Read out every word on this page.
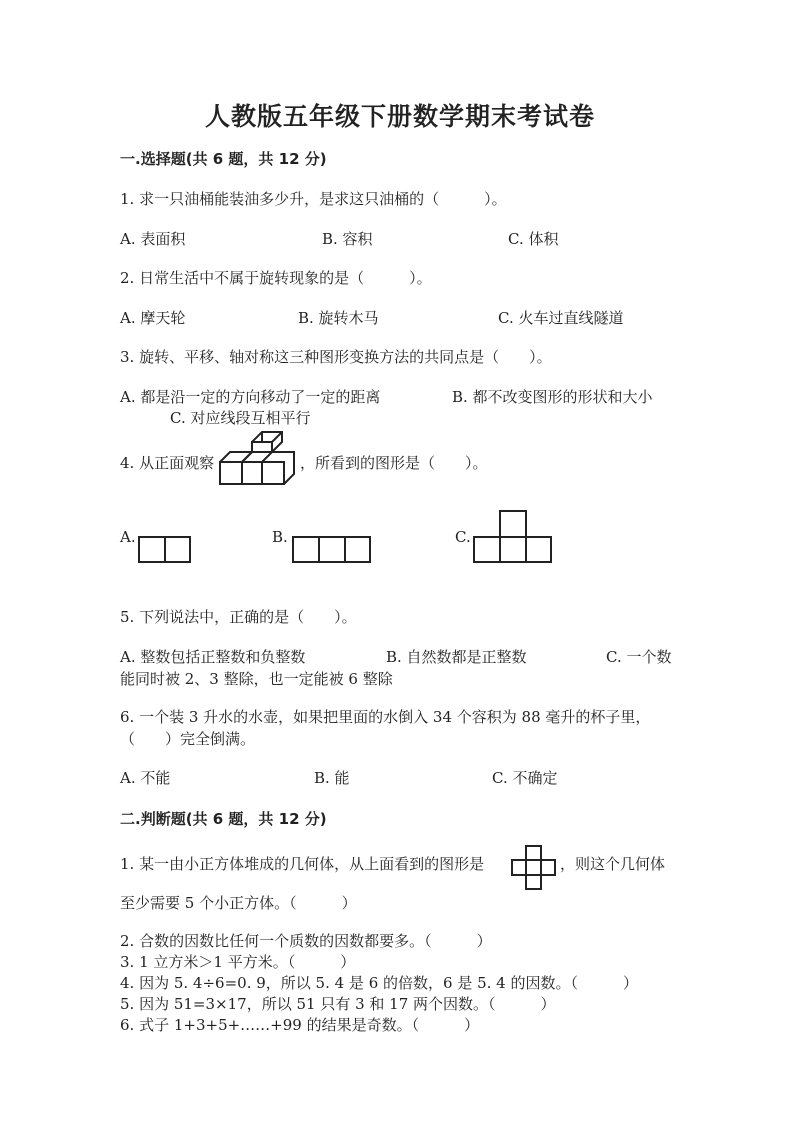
人教版五年级下册数学期末考试卷
一.选择题(共 6 题，共 12 分)
1. 求一只油桶能装油多少升，是求这只油桶的（　　　）。
A. 表面积	B. 容积	C. 体积
2. 日常生活中不属于旋转现象的是（　　　）。
A. 摩天轮	B. 旋转木马	C. 火车过直线隧道
3. 旋转、平移、轴对称这三种图形变换方法的共同点是（　　）。
A. 都是沿一定的方向移动了一定的距离	B. 都不改变图形的形状和大小
C. 对应线段互相平行
4. 从正面观察	，所看到的图形是（　　）。
A.	B.	C.
5. 下列说法中，正确的是（　　）。
A. 整数包括正整数和负整数	B. 自然数都是正整数	C. 一个数
能同时被 2、3 整除，也一定能被 6 整除
6. 一个装 3 升水的水壶，如果把里面的水倒入 34 个容积为 88 毫升的杯子里，
（　　）完全倒满。
A. 不能	B. 能	C. 不确定
二.判断题(共 6 题，共 12 分)
1. 某一由小正方体堆成的几何体，从上面看到的图形是	，则这个几何体
至少需要 5 个小正方体。（　　　）
2. 合数的因数比任何一个质数的因数都要多。（　　　）
3. 1 立方米＞1 平方米。（　　　）
4. 因为 5. 4÷6=0. 9，所以 5. 4 是 6 的倍数，6 是 5. 4 的因数。（　　　）
5. 因为 51=3×17，所以 51 只有 3 和 17 两个因数。（　　　）
6. 式子 1+3+5+……+99 的结果是奇数。（　　　）
